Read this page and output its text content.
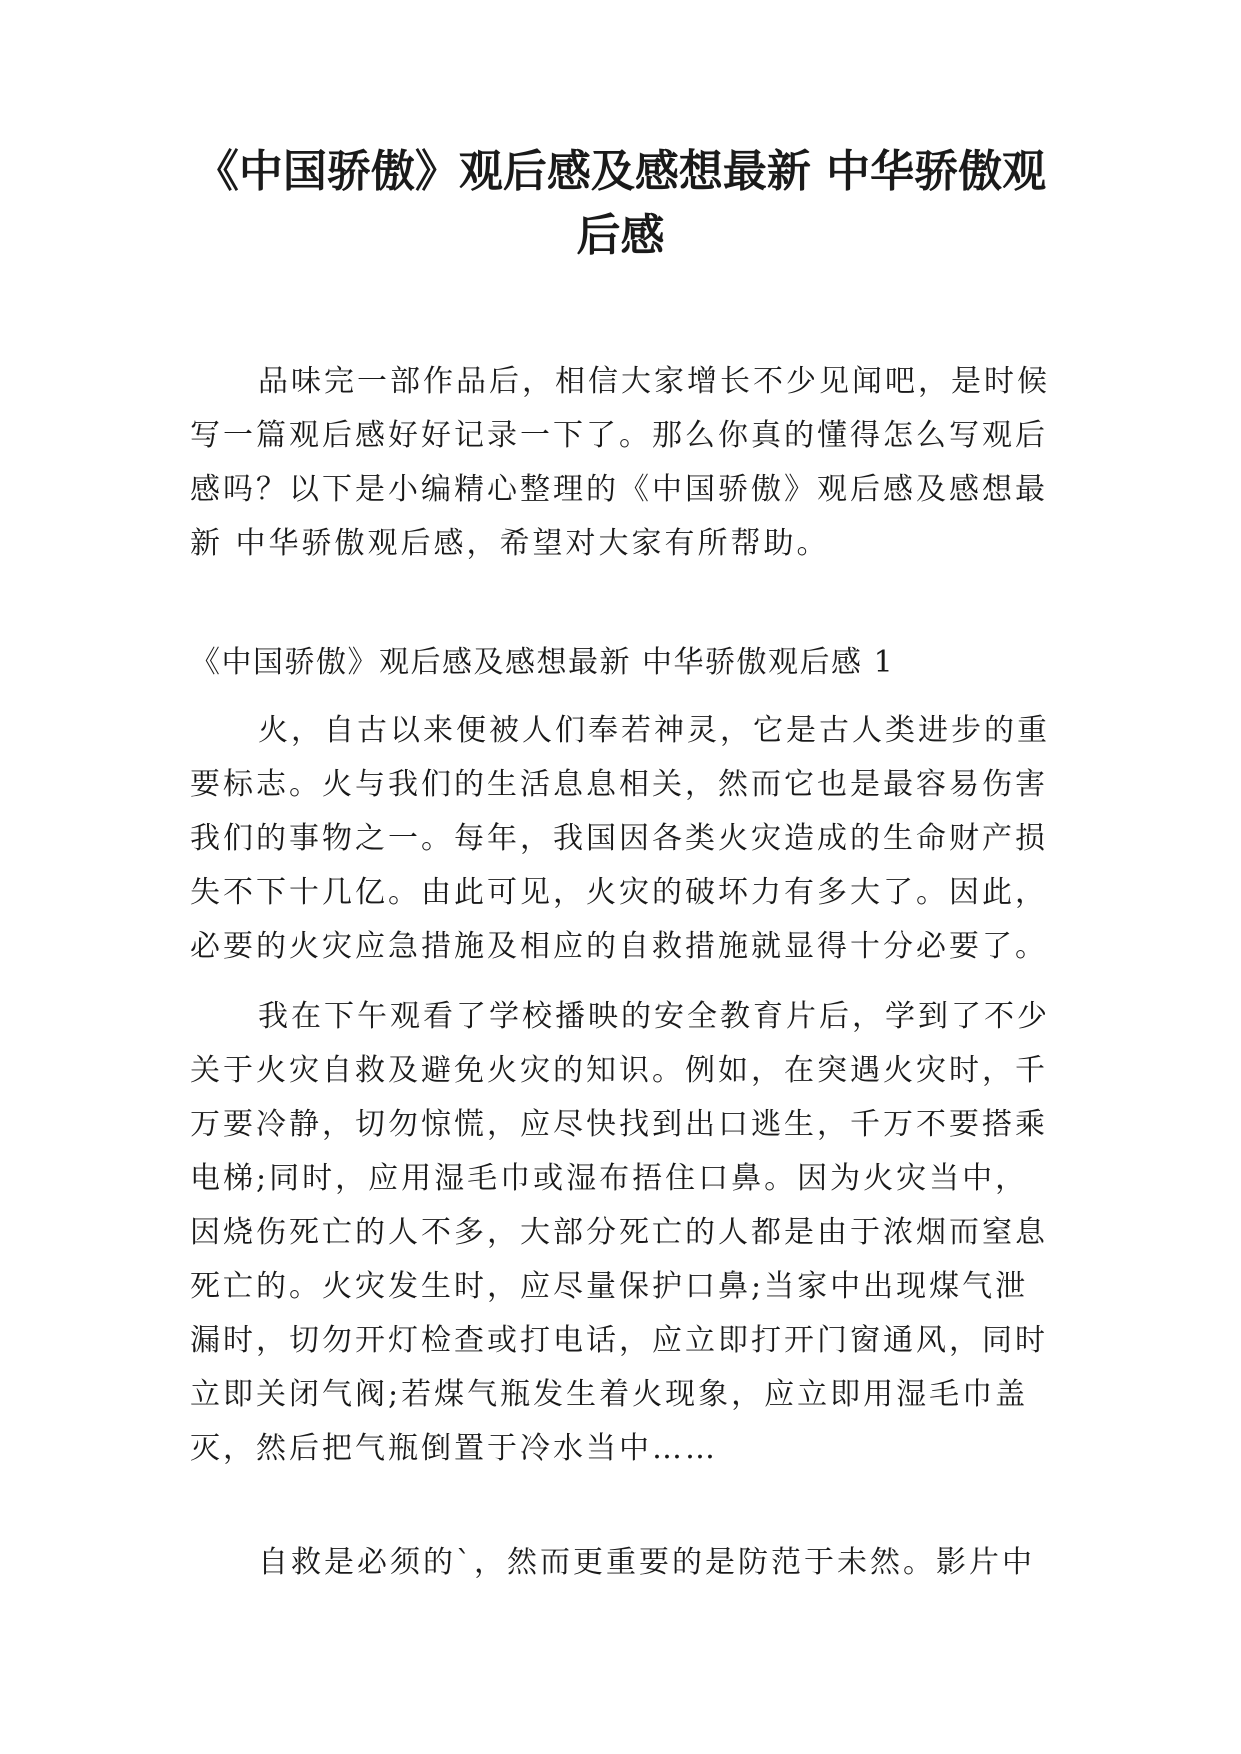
《中国骄傲》观后感及感想最新 中华骄傲观
后感
品味完一部作品后，相信大家增长不少见闻吧，是时候
写一篇观后感好好记录一下了。那么你真的懂得怎么写观后
感吗？以下是小编精心整理的《中国骄傲》观后感及感想最
新 中华骄傲观后感，希望对大家有所帮助。
《中国骄傲》观后感及感想最新 中华骄傲观后感 1
火，自古以来便被人们奉若神灵，它是古人类进步的重
要标志。火与我们的生活息息相关，然而它也是最容易伤害
我们的事物之一。每年，我国因各类火灾造成的生命财产损
失不下十几亿。由此可见，火灾的破坏力有多大了。因此，
必要的火灾应急措施及相应的自救措施就显得十分必要了。
我在下午观看了学校播映的安全教育片后，学到了不少
关于火灾自救及避免火灾的知识。例如，在突遇火灾时，千
万要冷静，切勿惊慌，应尽快找到出口逃生，千万不要搭乘
电梯;同时，应用湿毛巾或湿布捂住口鼻。因为火灾当中，
因烧伤死亡的人不多，大部分死亡的人都是由于浓烟而窒息
死亡的。火灾发生时，应尽量保护口鼻;当家中出现煤气泄
漏时，切勿开灯检查或打电话，应立即打开门窗通风，同时
立即关闭气阀;若煤气瓶发生着火现象，应立即用湿毛巾盖
灭，然后把气瓶倒置于冷水当中……
自救是必须的`，然而更重要的是防范于未然。影片中
